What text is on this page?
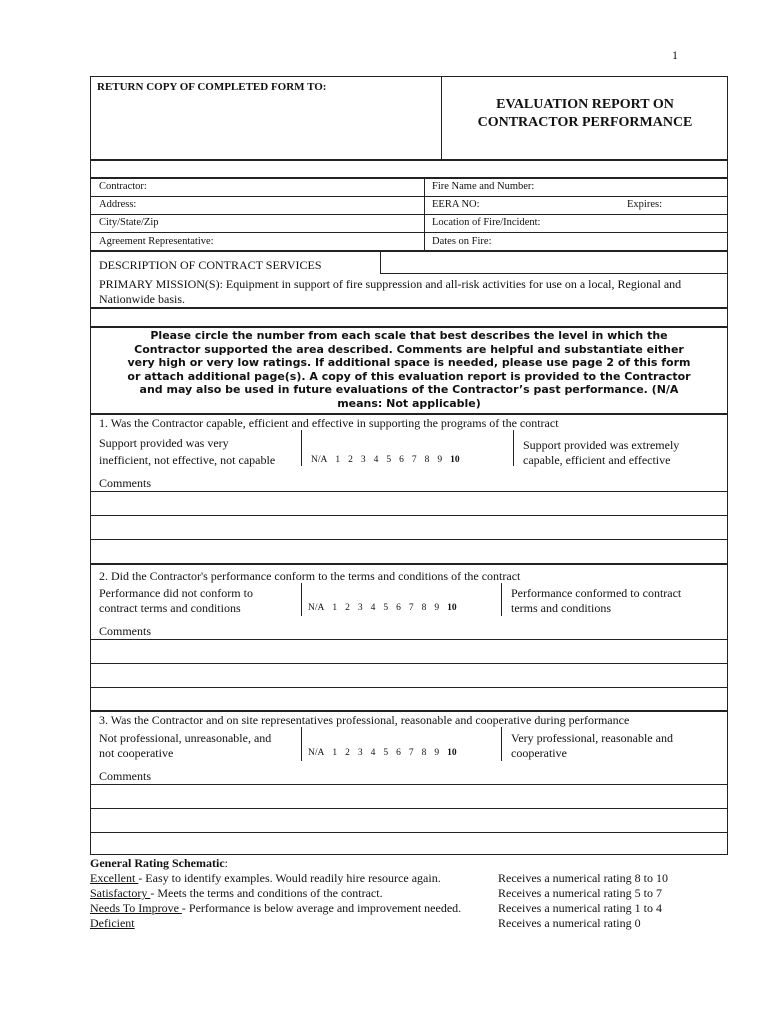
1
RETURN COPY OF COMPLETED FORM TO:
EVALUATION REPORT ON
CONTRACTOR PERFORMANCE
Contractor:	Fire Name and Number:
Address:	EERA NO:	Expires:
City/State/Zip	Location of Fire/Incident:
Agreement Representative:	Dates on Fire:
DESCRIPTION OF CONTRACT SERVICES
PRIMARY MISSION(S): Equipment in support of fire suppression and all-risk activities for use on a local, Regional and
Nationwide basis.
Please circle the number from each scale that best describes the level in which the
Contractor supported the area described. Comments are helpful and substantiate either
very high or very low ratings. If additional space is needed, please use page 2 of this form
or attach additional page(s). A copy of this evaluation report is provided to the Contractor
and may also be used in future evaluations of the Contractor’s past performance. (N/A
means: Not applicable)
1. Was the Contractor capable, efficient and effective in supporting the programs of the contract
Support provided was very
inefficient, not effective, not capable	N/A 1 2 3 4 5 6 7 8 9 10
Support provided was extremely
capable, efficient and effective
Comments
2. Did the Contractor's performance conform to the terms and conditions of the contract
Performance did not conform to
contract terms and conditions	N/A 1 2 3 4 5 6 7 8 9 10
Performance conformed to contract
terms and conditions
Comments
3. Was the Contractor and on site representatives professional, reasonable and cooperative during performance
Not professional, unreasonable, and
not cooperative	N/A 1 2 3 4 5 6 7 8 9 10
Very professional, reasonable and
cooperative
Comments
General Rating Schematic:
Excellent - Easy to identify examples. Would readily hire resource again.	Receives a numerical rating 8 to 10
Satisfactory - Meets the terms and conditions of the contract.	Receives a numerical rating 5 to 7
Needs To Improve - Performance is below average and improvement needed.	Receives a numerical rating 1 to 4
Deficient	Receives a numerical rating 0
